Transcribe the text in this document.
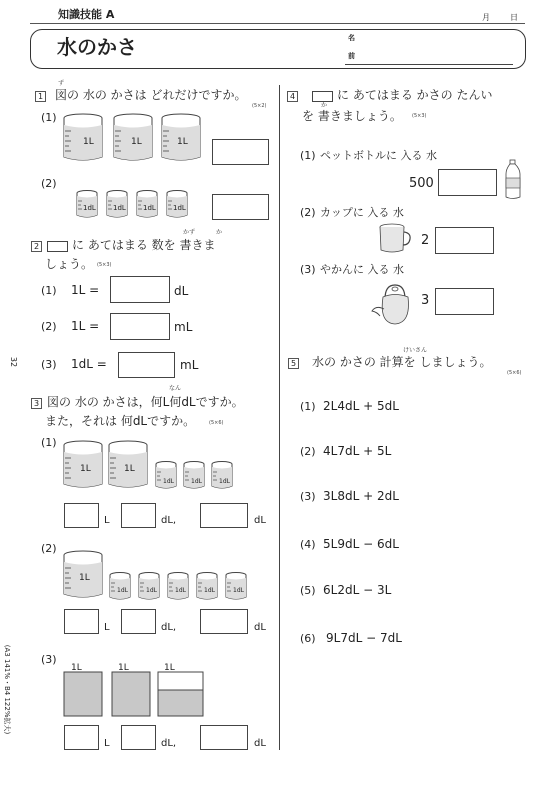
知識技能 A	月	日
水のかさ	名
前
32
(A3 141%・B4 122%拡大)
1
ず
図の 水の かさは どれだけですか。
(5×2)
(1)
1L	1L	1L
(2)
1dL 1dL 1dL 1dL
2
かず	か
に あてはまる 数を 書きま
しょう。 (5×3)
(1) 1L =	dL
(2) 1L =	mL
(3) 1dL =	mL
3
なん
図の 水の かさは，何L何dLですか。
また，それは 何dLですか。	(5×6)
(1)
1L	1L
1dL	1dL	1dL
L	dL,	dL
(2)
1L
1dL	1dL	1dL	1dL	1dL
L	dL,	dL
(3)
1L	1L	1L
L	dL,	dL
4	に あてはまる かさの たんい
か
を 書きましょう。 (5×3)
(1) ペットボトルに 入る 水
500
(2) カップに 入る 水
2
(3) やかんに 入る 水
3
5
けいさん
水の かさの 計算を しましょう。
(5×6)
(1) 2L4dL + 5dL
(2) 4L7dL + 5L
(3) 3L8dL + 2dL
(4) 5L9dL − 6dL
(5) 6L2dL − 3L
(6) 9L7dL − 7dL
